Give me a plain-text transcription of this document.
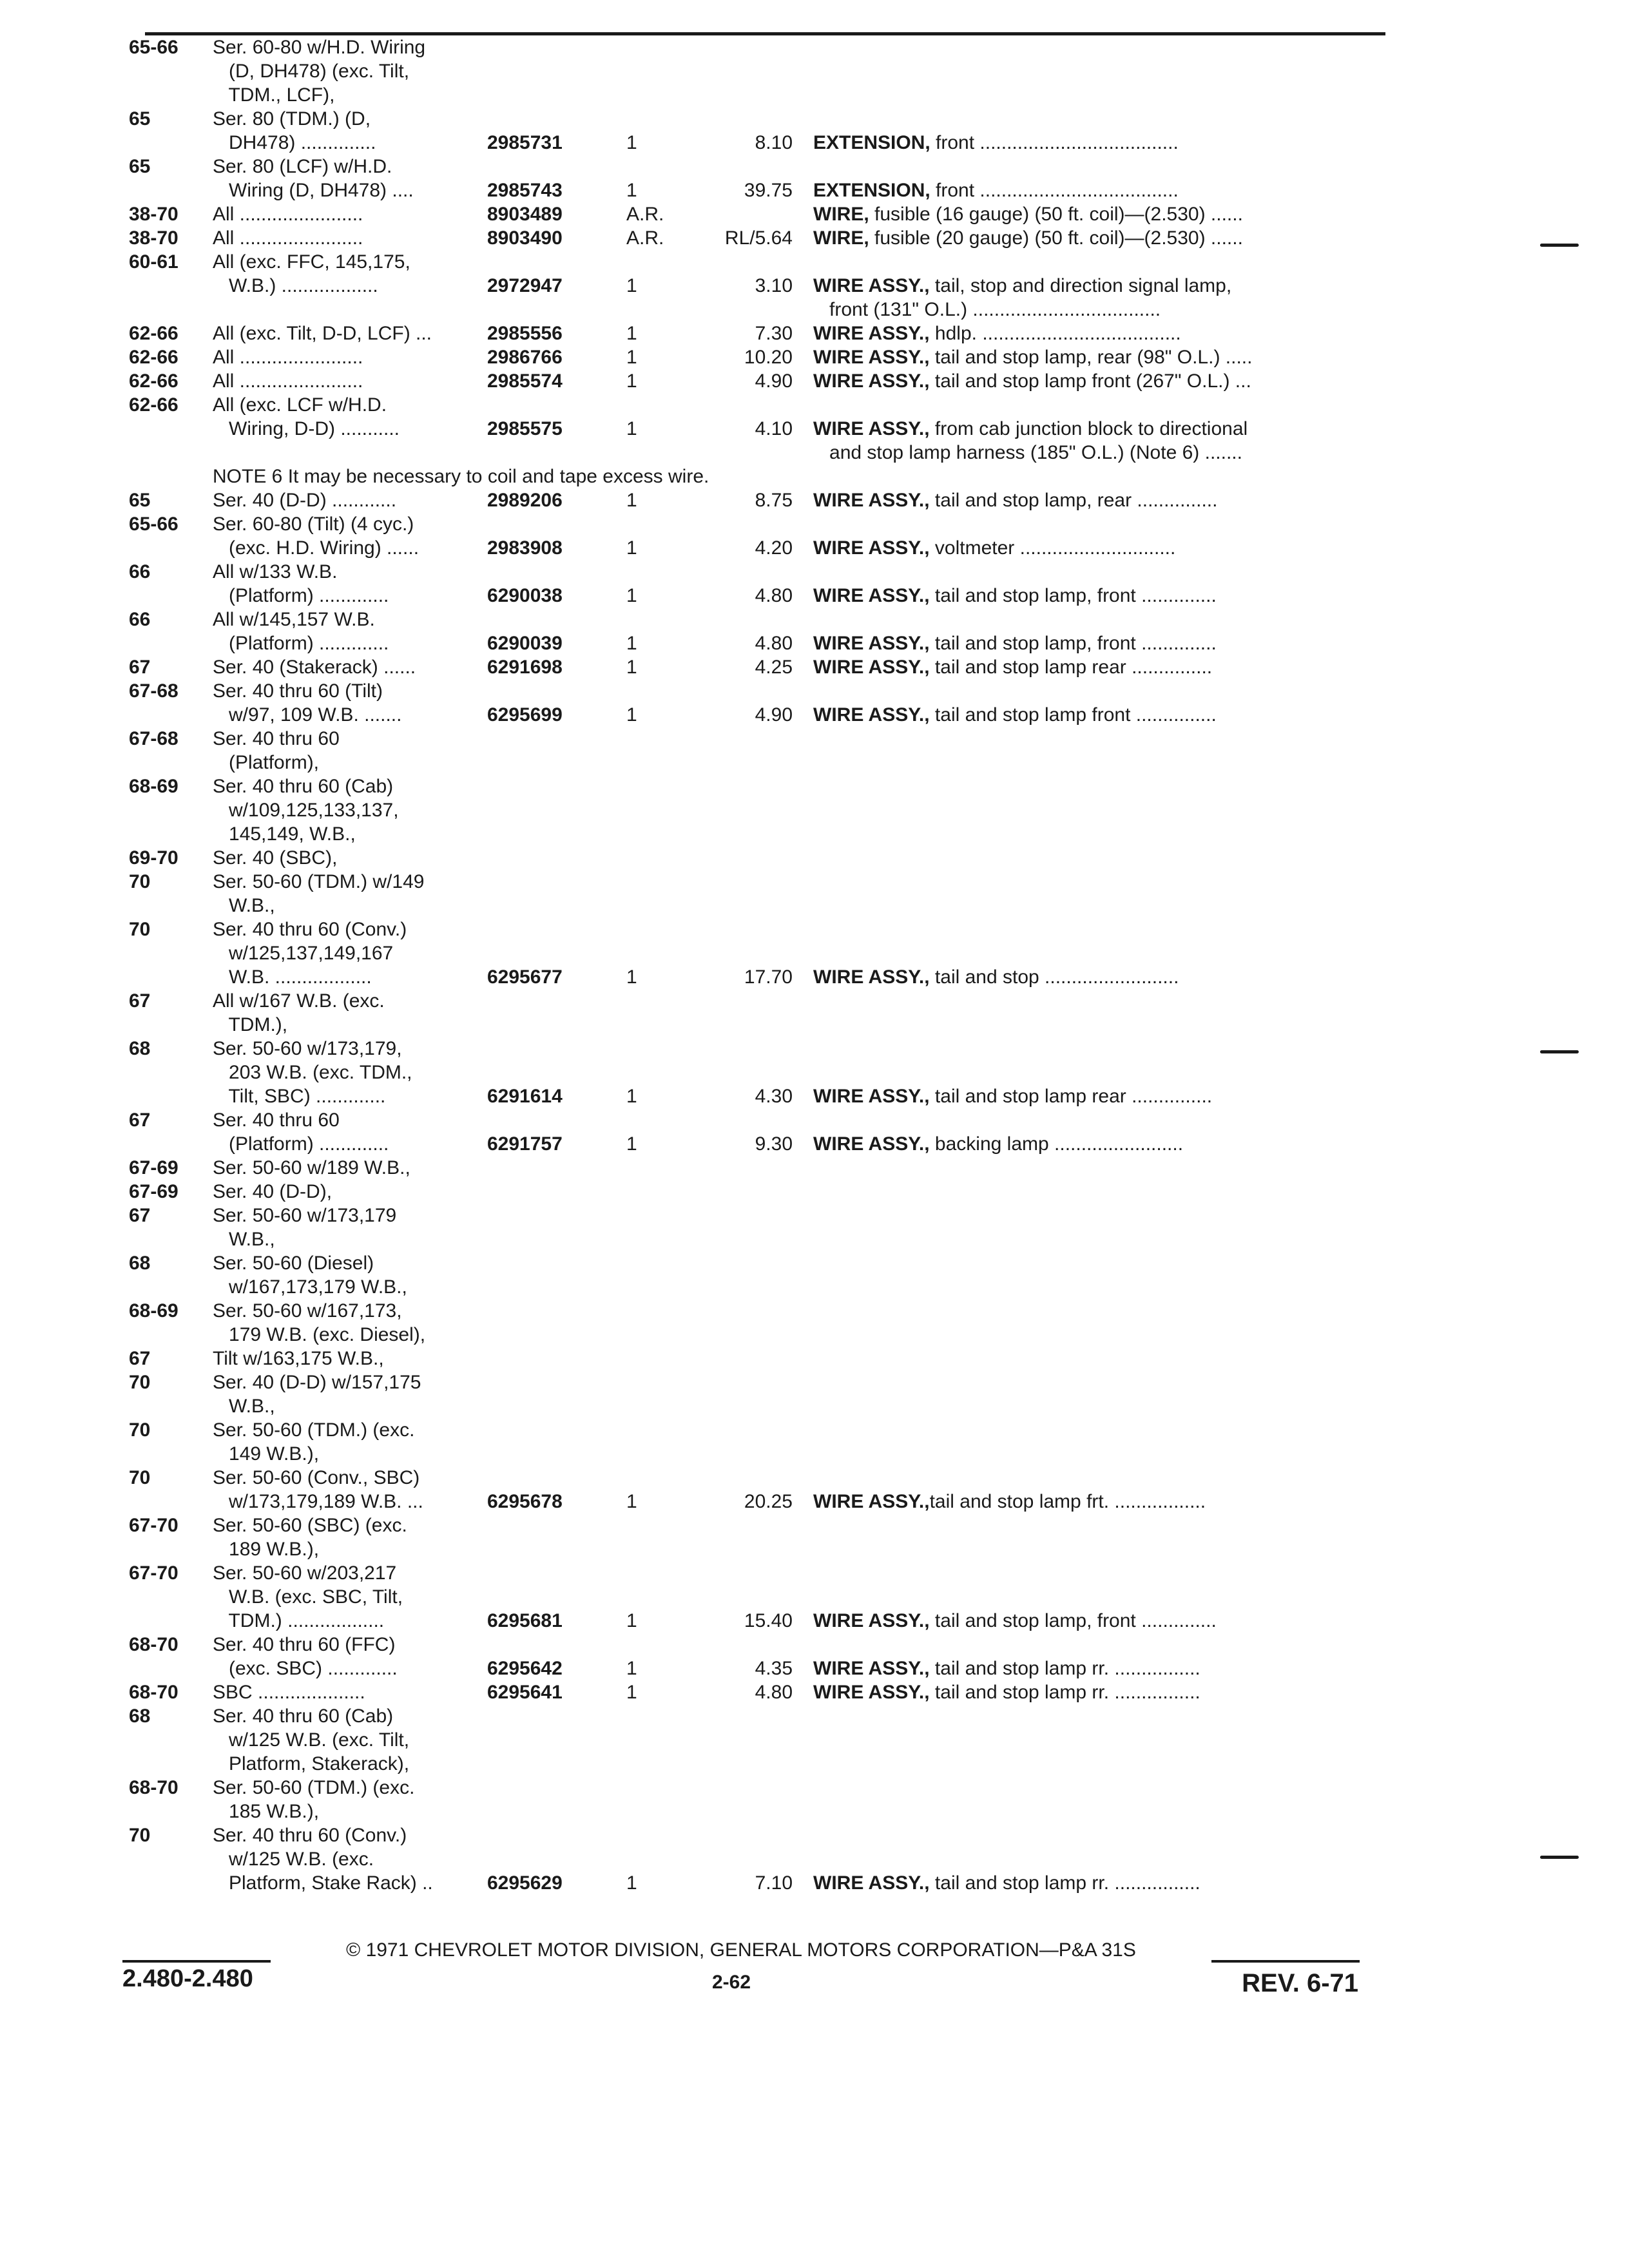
65-66 Ser. 60-80 w/H.D. Wiring
(D, DH478) (exc. Tilt,
TDM., LCF),
65	Ser. 80 (TDM.) (D,
DH478) ..............	2985731	1	8.10 EXTENSION, front .....................................
65	Ser. 80 (LCF) w/H.D.
Wiring (D, DH478) ....	2985743	1	39.75 EXTENSION, front .....................................
38-70 All .......................	8903489	A.R.	WIRE, fusible (16 gauge) (50 ft. coil)—(2.530) ......
38-70 All .......................	8903490	A.R.	RL/5.64 WIRE, fusible (20 gauge) (50 ft. coil)—(2.530) ......
60-61 All (exc. FFC, 145,175,
W.B.) ..................	2972947	1	3.10 WIRE ASSY., tail, stop and direction signal lamp,
front (131" O.L.) ...................................
62-66 All (exc. Tilt, D-D, LCF) ...	2985556	1	7.30 WIRE ASSY., hdlp. .....................................
62-66 All .......................	2986766	1	10.20 WIRE ASSY., tail and stop lamp, rear (98" O.L.) .....
62-66 All .......................	2985574	1	4.90 WIRE ASSY., tail and stop lamp front (267" O.L.) ...
62-66 All (exc. LCF w/H.D.
Wiring, D-D) ...........	2985575	1	4.10 WIRE ASSY., from cab junction block to directional
and stop lamp harness (185" O.L.) (Note 6) .......
NOTE 6 It may be necessary to coil and tape excess wire.
65	Ser. 40 (D-D) ............	2989206	1	8.75 WIRE ASSY., tail and stop lamp, rear ...............
65-66 Ser. 60-80 (Tilt) (4 cyc.)
(exc. H.D. Wiring) ......	2983908	1	4.20 WIRE ASSY., voltmeter .............................
66	All w/133 W.B.
(Platform) .............	6290038	1	4.80 WIRE ASSY., tail and stop lamp, front ..............
66	All w/145,157 W.B.
(Platform) .............	6290039	1	4.80 WIRE ASSY., tail and stop lamp, front ..............
67	Ser. 40 (Stakerack) ......	6291698	1	4.25 WIRE ASSY., tail and stop lamp rear ...............
67-68 Ser. 40 thru 60 (Tilt)
w/97, 109 W.B. .......	6295699	1	4.90 WIRE ASSY., tail and stop lamp front ...............
67-68 Ser. 40 thru 60
(Platform),
68-69 Ser. 40 thru 60 (Cab)
w/109,125,133,137,
145,149, W.B.,
69-70 Ser. 40 (SBC),
70	Ser. 50-60 (TDM.) w/149
W.B.,
70	Ser. 40 thru 60 (Conv.)
w/125,137,149,167
W.B. ..................	6295677	1	17.70 WIRE ASSY., tail and stop .........................
67	All w/167 W.B. (exc.
TDM.),
68	Ser. 50-60 w/173,179,
203 W.B. (exc. TDM.,
Tilt, SBC) .............	6291614	1	4.30 WIRE ASSY., tail and stop lamp rear ...............
67	Ser. 40 thru 60
(Platform) .............	6291757	1	9.30 WIRE ASSY., backing lamp ........................
67-69 Ser. 50-60 w/189 W.B.,
67-69 Ser. 40 (D-D),
67	Ser. 50-60 w/173,179
W.B.,
68	Ser. 50-60 (Diesel)
w/167,173,179 W.B.,
68-69 Ser. 50-60 w/167,173,
179 W.B. (exc. Diesel),
67	Tilt w/163,175 W.B.,
70	Ser. 40 (D-D) w/157,175
W.B.,
70	Ser. 50-60 (TDM.) (exc.
149 W.B.),
70	Ser. 50-60 (Conv., SBC)
w/173,179,189 W.B. ...	6295678	1	20.25 WIRE ASSY.,tail and stop lamp frt. .................
67-70 Ser. 50-60 (SBC) (exc.
189 W.B.),
67-70 Ser. 50-60 w/203,217
W.B. (exc. SBC, Tilt,
TDM.) ..................	6295681	1	15.40 WIRE ASSY., tail and stop lamp, front ..............
68-70 Ser. 40 thru 60 (FFC)
(exc. SBC) .............	6295642	1	4.35 WIRE ASSY., tail and stop lamp rr. ................
68-70 SBC ....................	6295641	1	4.80 WIRE ASSY., tail and stop lamp rr. ................
68	Ser. 40 thru 60 (Cab)
w/125 W.B. (exc. Tilt,
Platform, Stakerack),
68-70 Ser. 50-60 (TDM.) (exc.
185 W.B.),
70	Ser. 40 thru 60 (Conv.)
w/125 W.B. (exc.
Platform, Stake Rack) ..	6295629	1	7.10 WIRE ASSY., tail and stop lamp rr. ................
© 1971 CHEVROLET MOTOR DIVISION, GENERAL MOTORS CORPORATION—P&A 31S
2.480-2.480	2-62	REV. 6-71
